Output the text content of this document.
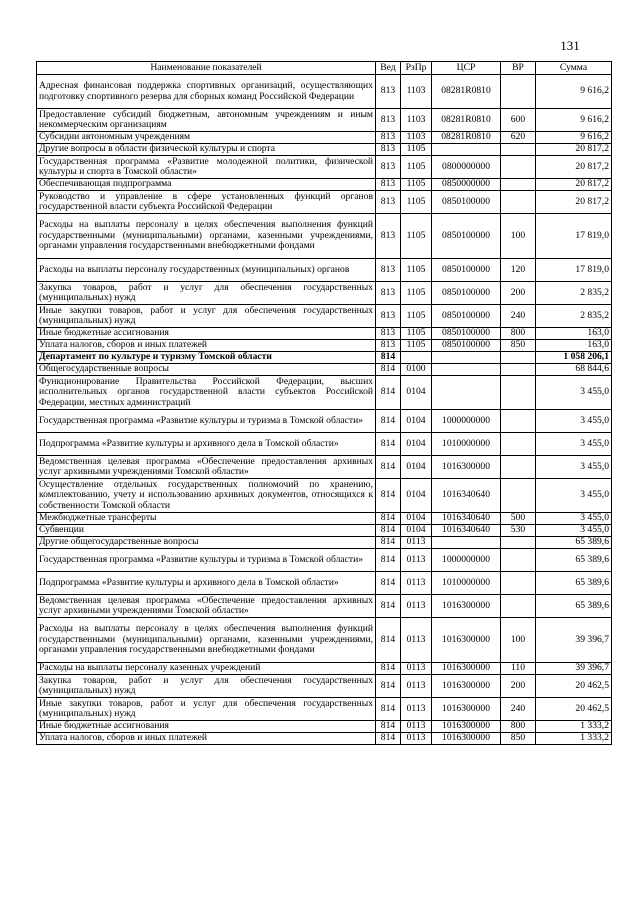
131
Наименование показателей	Вед	РзПр	ЦСР	ВР	Сумма
Адресная финансовая поддержка спортивных организаций, осуществляющих подготовку спортивного резерва для сборных команд Российской Федерации	813	1103	08281R0810		9 616,2
Предоставление субсидий бюджетным, автономным учреждениям и иным некоммерческим организациям	813	1103	08281R0810	600	9 616,2
Субсидии автономным учреждениям	813	1103	08281R0810	620	9 616,2
Другие вопросы в области физической культуры и спорта	813	1105			20 817,2
Государственная программа «Развитие молодежной политики, физической культуры и спорта в Томской области»	813	1105	0800000000		20 817,2
Обеспечивающая подпрограмма	813	1105	0850000000		20 817,2
Руководство и управление в сфере установленных функций органов государственной власти субъекта Российской Федерации	813	1105	0850100000		20 817,2
Расходы на выплаты персоналу в целях обеспечения выполнения функций государственными (муниципальными) органами, казенными учреждениями, органами управления государственными внебюджетными фондами	813	1105	0850100000	100	17 819,0
Расходы на выплаты персоналу государственных (муниципальных) органов	813	1105	0850100000	120	17 819,0
Закупка товаров, работ и услуг для обеспечения государственных (муниципальных) нужд	813	1105	0850100000	200	2 835,2
Иные закупки товаров, работ и услуг для обеспечения государственных (муниципальных) нужд	813	1105	0850100000	240	2 835,2
Иные бюджетные ассигнования	813	1105	0850100000	800	163,0
Уплата налогов, сборов и иных платежей	813	1105	0850100000	850	163,0
Департамент по культуре и туризму Томской области	814				1 058 206,1
Общегосударственные вопросы	814	0100			68 844,6
Функционирование Правительства Российской Федерации, высших исполнительных органов государственной власти субъектов Российской Федерации, местных администраций	814	0104			3 455,0
Государственная программа «Развитие культуры и туризма в Томской области»	814	0104	1000000000		3 455,0
Подпрограмма «Развитие культуры и архивного дела в Томской области»	814	0104	1010000000		3 455,0
Ведомственная целевая программа «Обеспечение предоставления архивных услуг архивными учреждениями Томской области»	814	0104	1016300000		3 455,0
Осуществление отдельных государственных полномочий по хранению, комплектованию, учету и использованию архивных документов, относящихся к собственности Томской области	814	0104	1016340640		3 455,0
Межбюджетные трансферты	814	0104	1016340640	500	3 455,0
Субвенции	814	0104	1016340640	530	3 455,0
Другие общегосударственные вопросы	814	0113			65 389,6
Государственная программа «Развитие культуры и туризма в Томской области»	814	0113	1000000000		65 389,6
Подпрограмма «Развитие культуры и архивного дела в Томской области»	814	0113	1010000000		65 389,6
Ведомственная целевая программа «Обеспечение предоставления архивных услуг архивными учреждениями Томской области»	814	0113	1016300000		65 389,6
Расходы на выплаты персоналу в целях обеспечения выполнения функций государственными (муниципальными) органами, казенными учреждениями, органами управления государственными внебюджетными фондами	814	0113	1016300000	100	39 396,7
Расходы на выплаты персоналу казенных учреждений	814	0113	1016300000	110	39 396,7
Закупка товаров, работ и услуг для обеспечения государственных (муниципальных) нужд	814	0113	1016300000	200	20 462,5
Иные закупки товаров, работ и услуг для обеспечения государственных (муниципальных) нужд	814	0113	1016300000	240	20 462,5
Иные бюджетные ассигнования	814	0113	1016300000	800	1 333,2
Уплата налогов, сборов и иных платежей	814	0113	1016300000	850	1 333,2
